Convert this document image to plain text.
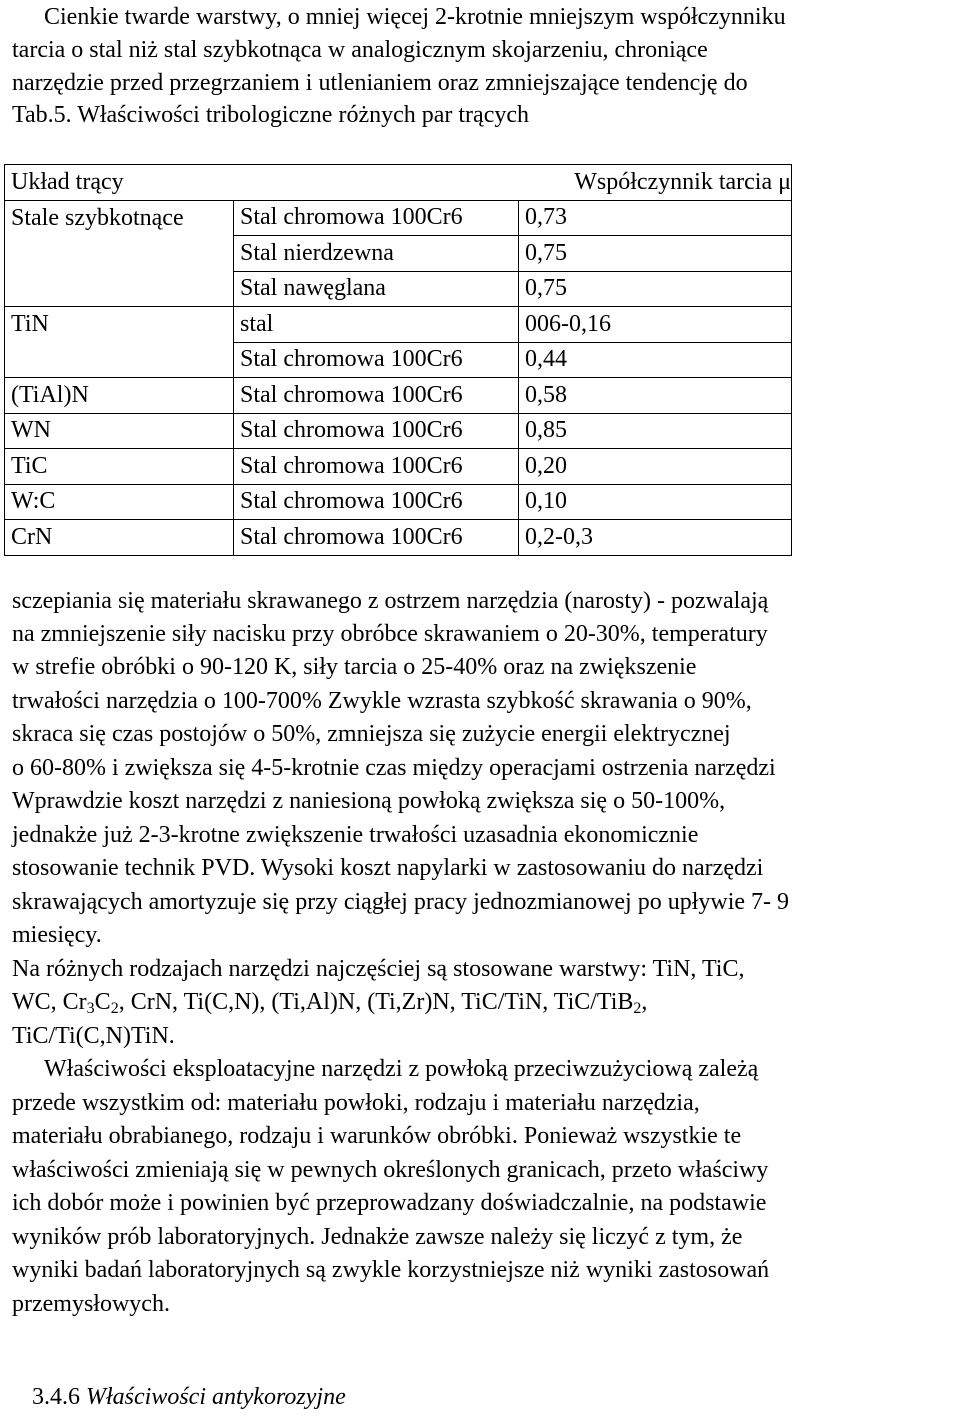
Cienkie twarde warstwy, o mniej więcej 2-krotnie mniejszym współczynniku
tarcia o stal niż stal szybkotnąca w analogicznym skojarzeniu, chroniące
narzędzie przed przegrzaniem i utlenianiem oraz zmniejszające tendencję do
Tab.5. Właściwości tribologiczne różnych par trących
Układ trący		Współczynnik tarcia μ
Stale szybkotnące	Stal chromowa 100Cr6	0,73
	Stal nierdzewna	0,75
	Stal nawęglana	0,75
TiN	stal	006-0,16
	Stal chromowa 100Cr6	0,44
(TiAl)N	Stal chromowa 100Cr6	0,58
WN	Stal chromowa 100Cr6	0,85
TiC	Stal chromowa 100Cr6	0,20
W:C	Stal chromowa 100Cr6	0,10
CrN	Stal chromowa 100Cr6	0,2-0,3
sczepiania się materiału skrawanego z ostrzem narzędzia (narosty) - pozwalają
na zmniejszenie siły nacisku przy obróbce skrawaniem o 20-30%, temperatury
w strefie obróbki o 90-120 K, siły tarcia o 25-40% oraz na zwiększenie
trwałości narzędzia o 100-700% Zwykle wzrasta szybkość skrawania o 90%,
skraca się czas postojów o 50%, zmniejsza się zużycie energii elektrycznej
o 60-80% i zwiększa się 4-5-krotnie czas między operacjami ostrzenia narzędzi
Wprawdzie koszt narzędzi z naniesioną powłoką zwiększa się o 50-100%,
jednakże już 2-3-krotne zwiększenie trwałości uzasadnia ekonomicznie
stosowanie technik PVD. Wysoki koszt napylarki w zastosowaniu do narzędzi
skrawających amortyzuje się przy ciągłej pracy jednozmianowej po upływie 7- 9
miesięcy.
Na różnych rodzajach narzędzi najczęściej są stosowane warstwy: TiN, TiC,
WC, $Cr_3C_2$, CrN, Ti(C,N), (Ti,Al)N, (Ti,Zr)N, TiC/TiN, TiC/TiB$_2$,
TiC/Ti(C,N)TiN.
Właściwości eksploatacyjne narzędzi z powłoką przeciwzużyciową zależą
przede wszystkim od: materiału powłoki, rodzaju i materiału narzędzia,
materiału obrabianego, rodzaju i warunków obróbki. Ponieważ wszystkie te
właściwości zmieniają się w pewnych określonych granicach, przeto właściwy
ich dobór może i powinien być przeprowadzany doświadczalnie, na podstawie
wyników prób laboratoryjnych. Jednakże zawsze należy się liczyć z tym, że
wyniki badań laboratoryjnych są zwykle korzystniejsze niż wyniki zastosowań
przemysłowych.
3.4.6 Właściwości antykorozyjne
